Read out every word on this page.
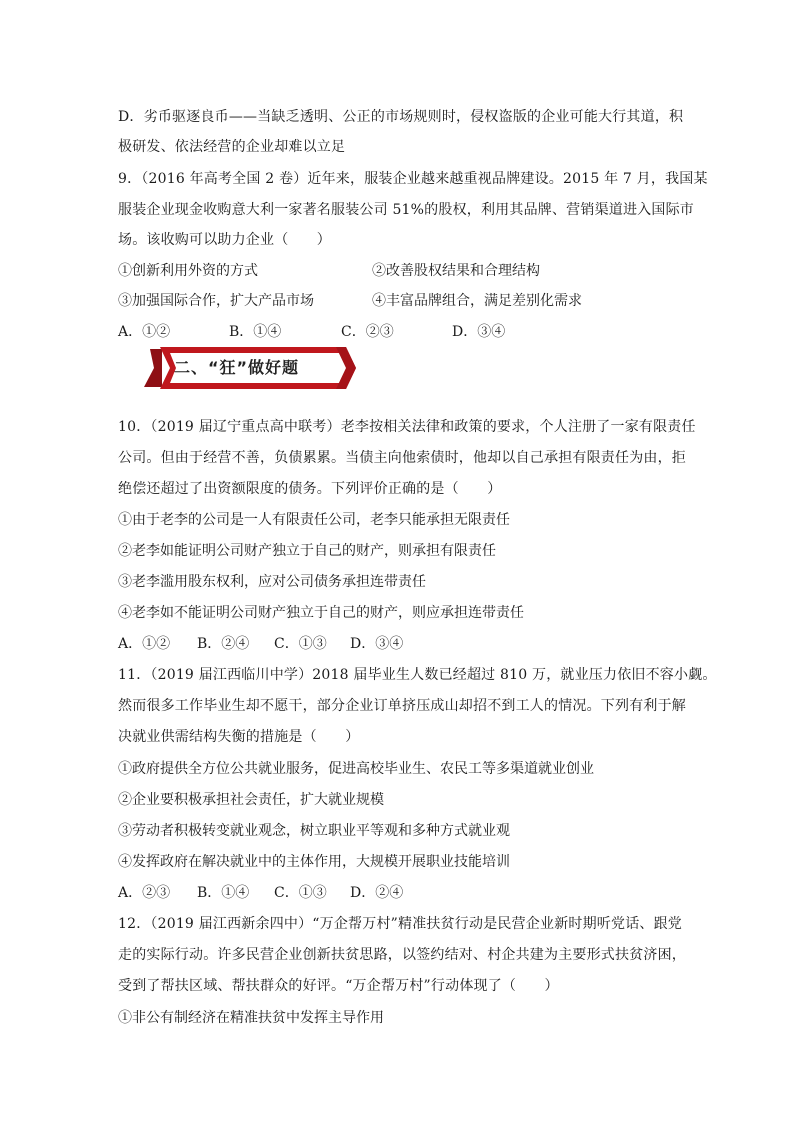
D．劣币驱逐良币——当缺乏透明、公正的市场规则时，侵权盗版的企业可能大行其道，积
极研发、依法经营的企业却难以立足
9．（2016 年高考全国 2 卷）近年来，服装企业越来越重视品牌建设。2015 年 7 月，我国某
服装企业现金收购意大利一家著名服装公司 51%的股权，利用其品牌、营销渠道进入国际市
场。该收购可以助力企业（　　）
①创新利用外资的方式	②改善股权结果和合理结构
③加强国际合作，扩大产品市场	④丰富品牌组合，满足差别化需求
A．①②	B．①④	C．②③	D．③④
二、“狂”做好题
10．（2019 届辽宁重点高中联考）老李按相关法律和政策的要求，个人注册了一家有限责任
公司。但由于经营不善，负债累累。当债主向他索债时，他却以自己承担有限责任为由，拒
绝偿还超过了出资额限度的债务。下列评价正确的是（　　）
①由于老李的公司是一人有限责任公司，老李只能承担无限责任
②老李如能证明公司财产独立于自己的财产，则承担有限责任
③老李滥用股东权利，应对公司债务承担连带责任
④老李如不能证明公司财产独立于自己的财产，则应承担连带责任
A．①② B．②④ C．①③ D．③④
11．（2019 届江西临川中学）2018 届毕业生人数已经超过 810 万，就业压力依旧不容小觑。
然而很多工作毕业生却不愿干，部分企业订单挤压成山却招不到工人的情况。下列有利于解
决就业供需结构失衡的措施是（　　）
①政府提供全方位公共就业服务，促进高校毕业生、农民工等多渠道就业创业
②企业要积极承担社会责任，扩大就业规模
③劳动者积极转变就业观念，树立职业平等观和多种方式就业观
④发挥政府在解决就业中的主体作用，大规模开展职业技能培训
A．②③ B．①④ C．①③ D．②④
12．（2019 届江西新余四中）“万企帮万村”精准扶贫行动是民营企业新时期听党话、跟党
走的实际行动。许多民营企业创新扶贫思路，以签约结对、村企共建为主要形式扶贫济困，
受到了帮扶区域、帮扶群众的好评。“万企帮万村”行动体现了（　　）
①非公有制经济在精准扶贫中发挥主导作用
